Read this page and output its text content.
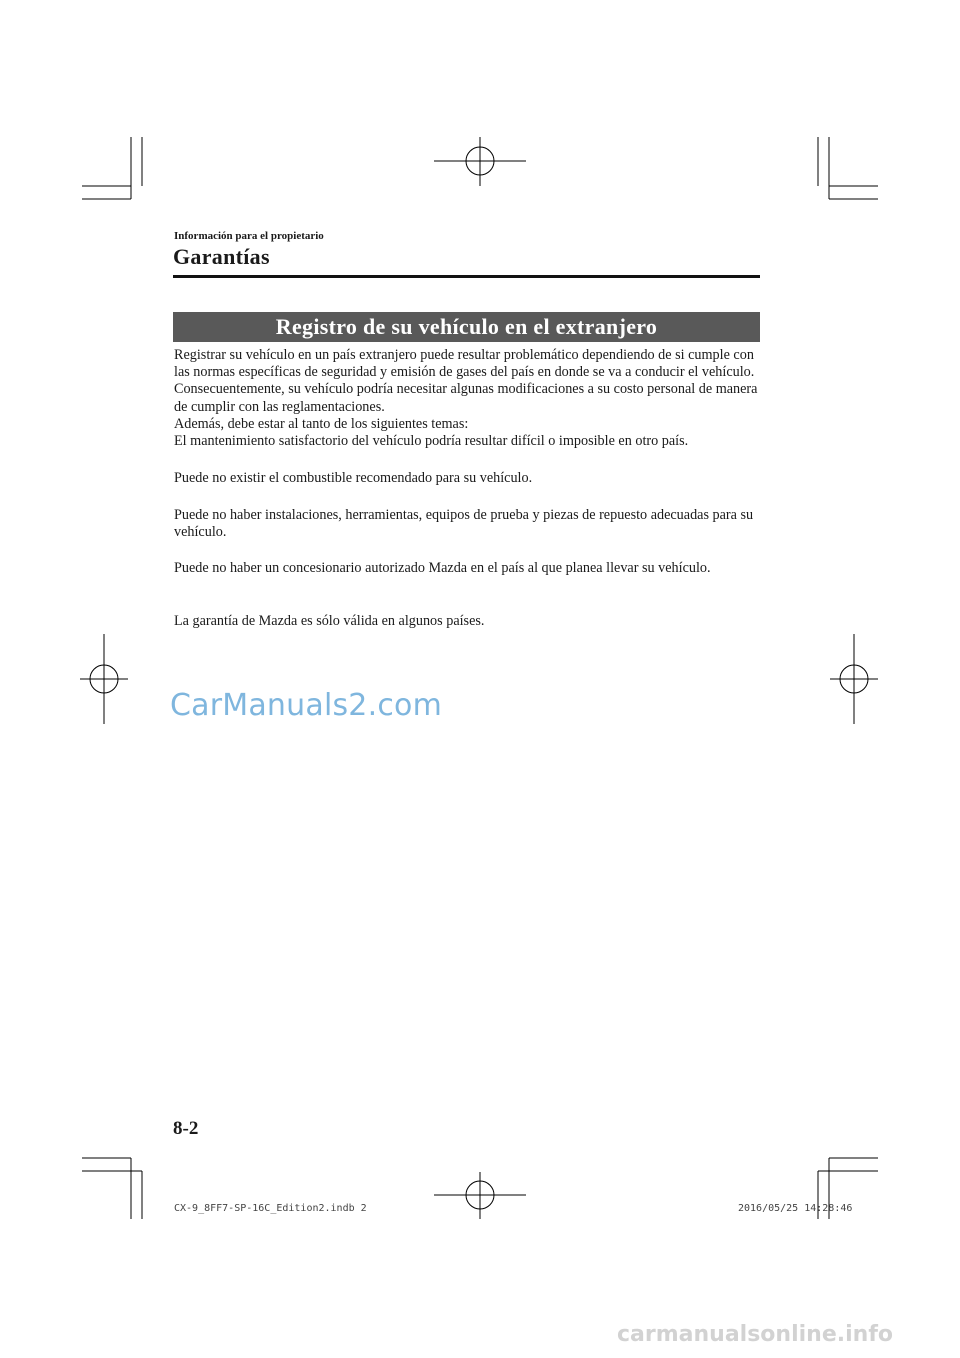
Información para el propietario
Garantías
Registro de su vehículo en el extranjero
Registrar su vehículo en un país extranjero puede resultar problemático dependiendo de si cumple con las normas específicas de seguridad y emisión de gases del país en donde se va a conducir el vehículo. Consecuentemente, su vehículo podría necesitar algunas modificaciones a su costo personal de manera de cumplir con las reglamentaciones.
Además, debe estar al tanto de los siguientes temas:
El mantenimiento satisfactorio del vehículo podría resultar difícil o imposible en otro país.
Puede no existir el combustible recomendado para su vehículo.
Puede no haber instalaciones, herramientas, equipos de prueba y piezas de repuesto adecuadas para su vehículo.
Puede no haber un concesionario autorizado Mazda en el país al que planea llevar su vehículo.
La garantía de Mazda es sólo válida en algunos países.
CarManuals2.com
8-2
CX-9_8FF7-SP-16C_Edition2.indb 2	2016/05/25 14:28:46
carmanualsonline.info
